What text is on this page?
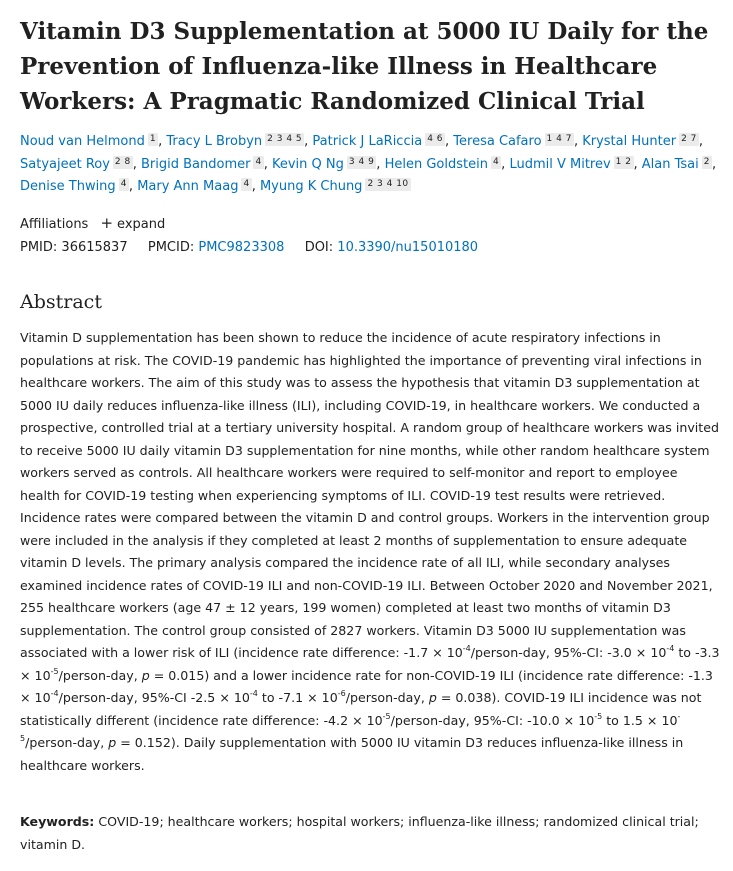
Vitamin D3 Supplementation at 5000 IU Daily for the Prevention of Influenza-like Illness in Healthcare Workers: A Pragmatic Randomized Clinical Trial
Noud van Helmond 1 , Tracy L Brobyn 2 3 4 5 , Patrick J LaRiccia 4 6 , Teresa Cafaro 1 4 7 , Krystal Hunter 2 7 , Satyajeet Roy 2 8 , Brigid Bandomer 4 , Kevin Q Ng 3 4 9 , Helen Goldstein 4 , Ludmil V Mitrev 1 2 , Alan Tsai 2 , Denise Thwing 4 , Mary Ann Maag 4 , Myung K Chung 2 3 4 10
Affiliations + expand
PMID: 36615837 PMCID: PMC9823308 DOI: 10.3390/nu15010180
Abstract

Vitamin D supplementation has been shown to reduce the incidence of acute respiratory infections in populations at risk. The COVID-19 pandemic has highlighted the importance of preventing viral infections in healthcare workers. The aim of this study was to assess the hypothesis that vitamin D3 supplementation at 5000 IU daily reduces influenza-like illness (ILI), including COVID-19, in healthcare workers. We conducted a prospective, controlled trial at a tertiary university hospital. A random group of healthcare workers was invited to receive 5000 IU daily vitamin D3 supplementation for nine months, while other random healthcare system workers served as controls. All healthcare workers were required to self-monitor and report to employee health for COVID-19 testing when experiencing symptoms of ILI. COVID-19 test results were retrieved. Incidence rates were compared between the vitamin D and control groups. Workers in the intervention group were included in the analysis if they completed at least 2 months of supplementation to ensure adequate vitamin D levels. The primary analysis compared the incidence rate of all ILI, while secondary analyses examined incidence rates of COVID-19 ILI and non-COVID-19 ILI. Between October 2020 and November 2021, 255 healthcare workers (age 47 ± 12 years, 199 women) completed at least two months of vitamin D3 supplementation. The control group consisted of 2827 workers. Vitamin D3 5000 IU supplementation was associated with a lower risk of ILI (incidence rate difference: $-1.7 \times 10^{-4}/person$-day, 95%-CI: $-3.0 \times 10^{-4}$ to $-3.3 \times 10^{-5}/person$-day, p = 0.015) and a lower incidence rate for non-COVID-19 ILI (incidence rate difference: $-1.3 \times 10^{-4}/person$-day, 95%-CI $-2.5 \times 10^{-4}$ to $-7.1 \times 10^{-6}/person$-day, p = 0.038). COVID-19 ILI incidence was not statistically different (incidence rate difference: $-4.2 \times 10^{-5}/person$-day, 95%-CI: $-10.0 \times 10^{-5}$ to $1.5 \times 10^{-5}/person$-day, p = 0.152). Daily supplementation with 5000 IU vitamin D3 reduces influenza-like illness in healthcare workers.

Keywords: COVID-19; healthcare workers; hospital workers; influenza-like illness; randomized clinical trial; vitamin D.
